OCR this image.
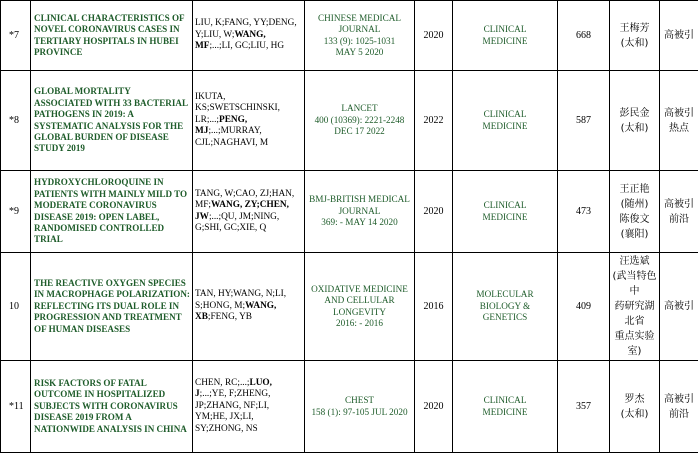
*7	CLINICAL CHARACTERISTICS OF NOVEL CORONAVIRUS CASES IN TERTIARY HOSPITALS IN HUBEI PROVINCE	LIU, K;FANG, YY;DENG, Y;LIU, W;WANG, MF;...;LI, GC;LIU, HG	CHINESE MEDICAL
JOURNAL
133 (9): 1025-1031
MAY 5 2020	2020	CLINICAL
MEDICINE	668	王梅芳
(太和)	高被引

*8	GLOBAL MORTALITY ASSOCIATED WITH 33 BACTERIAL PATHOGENS IN 2019: A SYSTEMATIC ANALYSIS FOR THE GLOBAL BURDEN OF DISEASE STUDY 2019	IKUTA, KS;SWETSCHINSKI, LR;...;PENG, MJ;...;MURRAY, CJL;NAGHAVI, M	LANCET
400 (10369): 2221-2248
DEC 17 2022	2022	CLINICAL
MEDICINE	587	彭民金
(太和)	高被引
热点

*9	HYDROXYCHLOROQUINE IN PATIENTS WITH MAINLY MILD TO MODERATE CORONAVIRUS DISEASE 2019: OPEN LABEL, RANDOMISED CONTROLLED TRIAL	TANG, W;CAO, ZJ;HAN, MF;WANG, ZY;CHEN, JW;...;QU, JM;NING, G;SHI, GC;XIE, Q	BMJ-BRITISH MEDICAL
JOURNAL
369: - MAY 14 2020	2020	CLINICAL
MEDICINE	473	王正艳
(随州)
陈俊文
(襄阳)	高被引
前沿

10	THE REACTIVE OXYGEN SPECIES IN MACROPHAGE POLARIZATION: REFLECTING ITS DUAL ROLE IN PROGRESSION AND TREATMENT OF HUMAN DISEASES	TAN, HY;WANG, N;LI, S;HONG, M;WANG, XB;FENG, YB	OXIDATIVE MEDICINE
AND CELLULAR
LONGEVITY
2016: - 2016	2016	MOLECULAR
BIOLOGY &
GENETICS	409	汪选斌
(武当特色中
药研究湖北省
重点实验室)	高被引

*11	RISK FACTORS OF FATAL OUTCOME IN HOSPITALIZED SUBJECTS WITH CORONAVIRUS DISEASE 2019 FROM A NATIONWIDE ANALYSIS IN CHINA	CHEN, RC;...;LUO, J;...;YE, F;ZHENG, JP;ZHANG, NF;LI, YM;HE, JX;LI, SY;ZHONG, NS	CHEST
158 (1): 97-105 JUL 2020	2020	CLINICAL
MEDICINE	357	罗杰
(太和)	高被引
前沿
